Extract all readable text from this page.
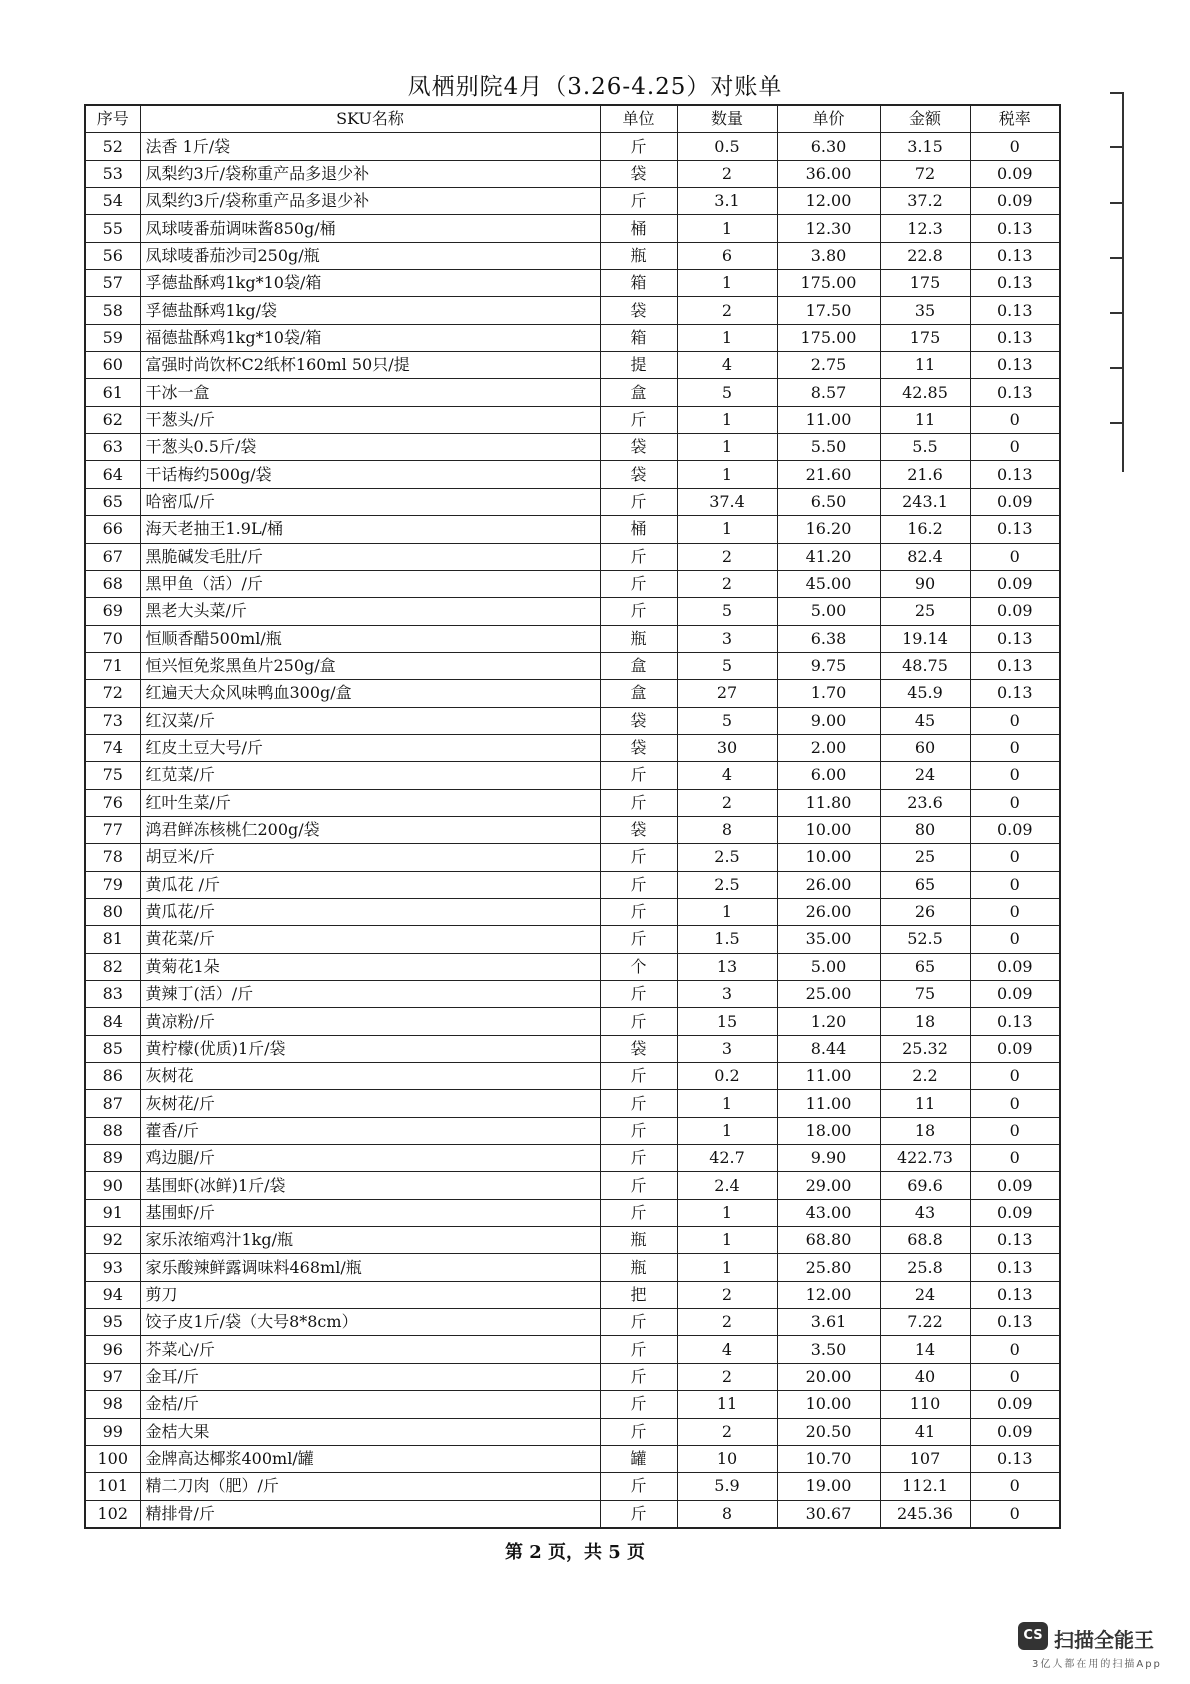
凤栖别院4月（3.26-4.25）对账单
序号	SKU名称	单位	数量	单价	金额	税率
52	法香 1斤/袋	斤	0.5	6.30	3.15	0
53	凤梨约3斤/袋称重产品多退少补	袋	2	36.00	72	0.09
54	凤梨约3斤/袋称重产品多退少补	斤	3.1	12.00	37.2	0.09
55	凤球唛番茄调味酱850g/桶	桶	1	12.30	12.3	0.13
56	凤球唛番茄沙司250g/瓶	瓶	6	3.80	22.8	0.13
57	孚德盐酥鸡1kg*10袋/箱	箱	1	175.00	175	0.13
58	孚德盐酥鸡1kg/袋	袋	2	17.50	35	0.13
59	福德盐酥鸡1kg*10袋/箱	箱	1	175.00	175	0.13
60	富强时尚饮杯C2纸杯160ml 50只/提	提	4	2.75	11	0.13
61	干冰一盒	盒	5	8.57	42.85	0.13
62	干葱头/斤	斤	1	11.00	11	0
63	干葱头0.5斤/袋	袋	1	5.50	5.5	0
64	干话梅约500g/袋	袋	1	21.60	21.6	0.13
65	哈密瓜/斤	斤	37.4	6.50	243.1	0.09
66	海天老抽王1.9L/桶	桶	1	16.20	16.2	0.13
67	黑脆碱发毛肚/斤	斤	2	41.20	82.4	0
68	黑甲鱼（活）/斤	斤	2	45.00	90	0.09
69	黑老大头菜/斤	斤	5	5.00	25	0.09
70	恒顺香醋500ml/瓶	瓶	3	6.38	19.14	0.13
71	恒兴恒免浆黑鱼片250g/盒	盒	5	9.75	48.75	0.13
72	红遍天大众风味鸭血300g/盒	盒	27	1.70	45.9	0.13
73	红汉菜/斤	袋	5	9.00	45	0
74	红皮土豆大号/斤	袋	30	2.00	60	0
75	红苋菜/斤	斤	4	6.00	24	0
76	红叶生菜/斤	斤	2	11.80	23.6	0
77	鸿君鲜冻核桃仁200g/袋	袋	8	10.00	80	0.09
78	胡豆米/斤	斤	2.5	10.00	25	0
79	黄瓜花 /斤	斤	2.5	26.00	65	0
80	黄瓜花/斤	斤	1	26.00	26	0
81	黄花菜/斤	斤	1.5	35.00	52.5	0
82	黄菊花1朵	个	13	5.00	65	0.09
83	黄辣丁(活）/斤	斤	3	25.00	75	0.09
84	黄凉粉/斤	斤	15	1.20	18	0.13
85	黄柠檬(优质)1斤/袋	袋	3	8.44	25.32	0.09
86	灰树花	斤	0.2	11.00	2.2	0
87	灰树花/斤	斤	1	11.00	11	0
88	藿香/斤	斤	1	18.00	18	0
89	鸡边腿/斤	斤	42.7	9.90	422.73	0
90	基围虾(冰鲜)1斤/袋	斤	2.4	29.00	69.6	0.09
91	基围虾/斤	斤	1	43.00	43	0.09
92	家乐浓缩鸡汁1kg/瓶	瓶	1	68.80	68.8	0.13
93	家乐酸辣鲜露调味料468ml/瓶	瓶	1	25.80	25.8	0.13
94	剪刀	把	2	12.00	24	0.13
95	饺子皮1斤/袋（大号8*8cm）	斤	2	3.61	7.22	0.13
96	芥菜心/斤	斤	4	3.50	14	0
97	金耳/斤	斤	2	20.00	40	0
98	金桔/斤	斤	11	10.00	110	0.09
99	金桔大果	斤	2	20.50	41	0.09
100	金牌高达椰浆400ml/罐	罐	10	10.70	107	0.13
101	精二刀肉（肥）/斤	斤	5.9	19.00	112.1	0
102	精排骨/斤	斤	8	30.67	245.36	0
第 2 页，共 5 页
CS 扫描全能王
3亿人都在用的扫描App
